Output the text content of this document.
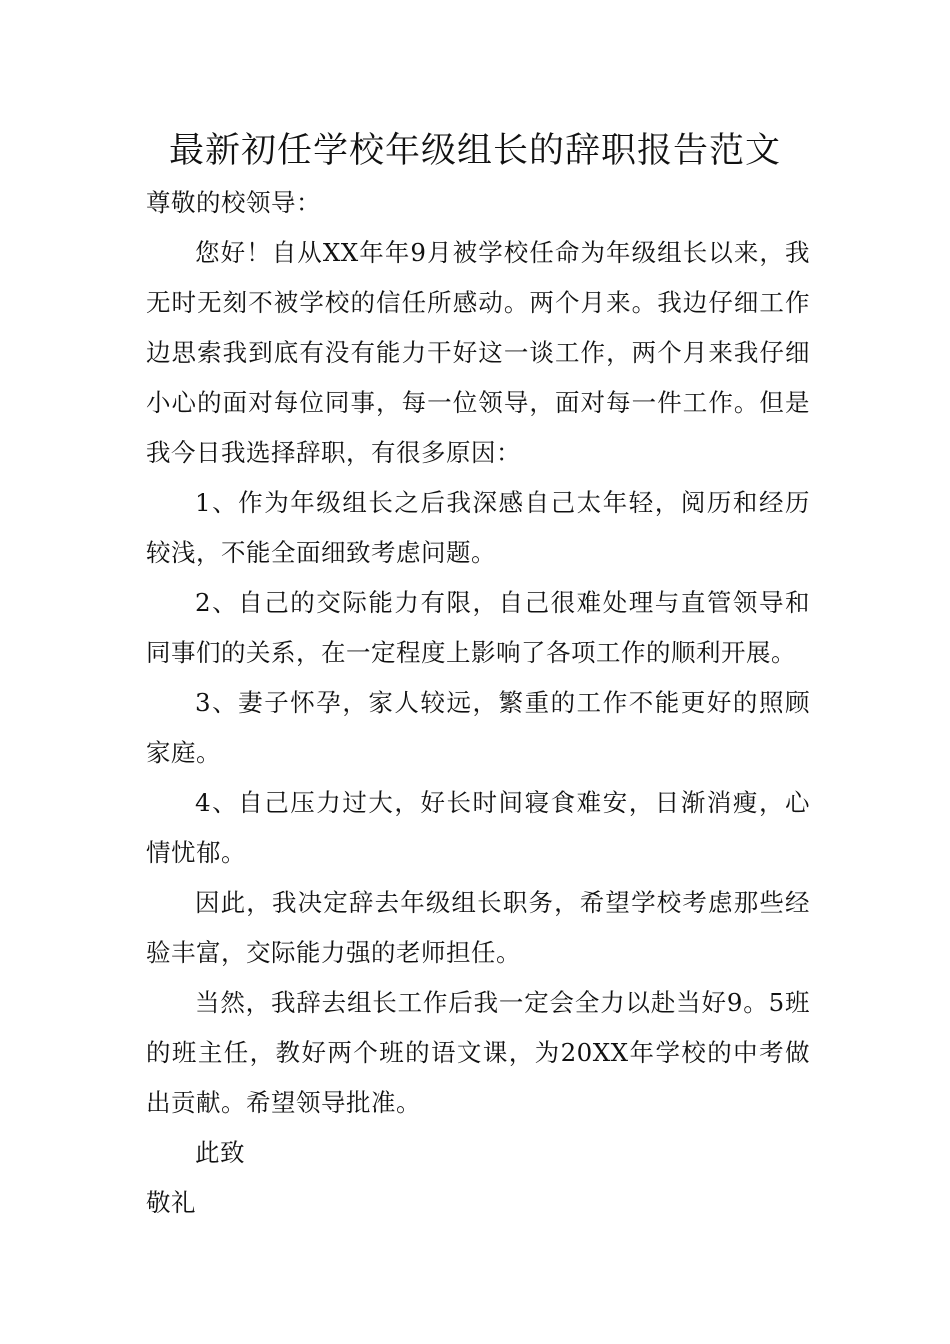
最新初任学校年级组长的辞职报告范文

尊敬的校领导：

您好！自从XX年年9月被学校任命为年级组长以来，我无时无刻不被学校的信任所感动。两个月来。我边仔细工作边思索我到底有没有能力干好这一谈工作，两个月来我仔细小心的面对每位同事，每一位领导，面对每一件工作。但是我今日我选择辞职，有很多原因：

1、作为年级组长之后我深感自己太年轻，阅历和经历较浅，不能全面细致考虑问题。

2、自己的交际能力有限，自己很难处理与直管领导和同事们的关系，在一定程度上影响了各项工作的顺利开展。

3、妻子怀孕，家人较远，繁重的工作不能更好的照顾家庭。

4、自己压力过大，好长时间寝食难安，日渐消瘦，心情忧郁。

因此，我决定辞去年级组长职务，希望学校考虑那些经验丰富，交际能力强的老师担任。

当然，我辞去组长工作后我一定会全力以赴当好9。5班的班主任，教好两个班的语文课，为20XX年学校的中考做出贡献。希望领导批准。

此致

敬礼
